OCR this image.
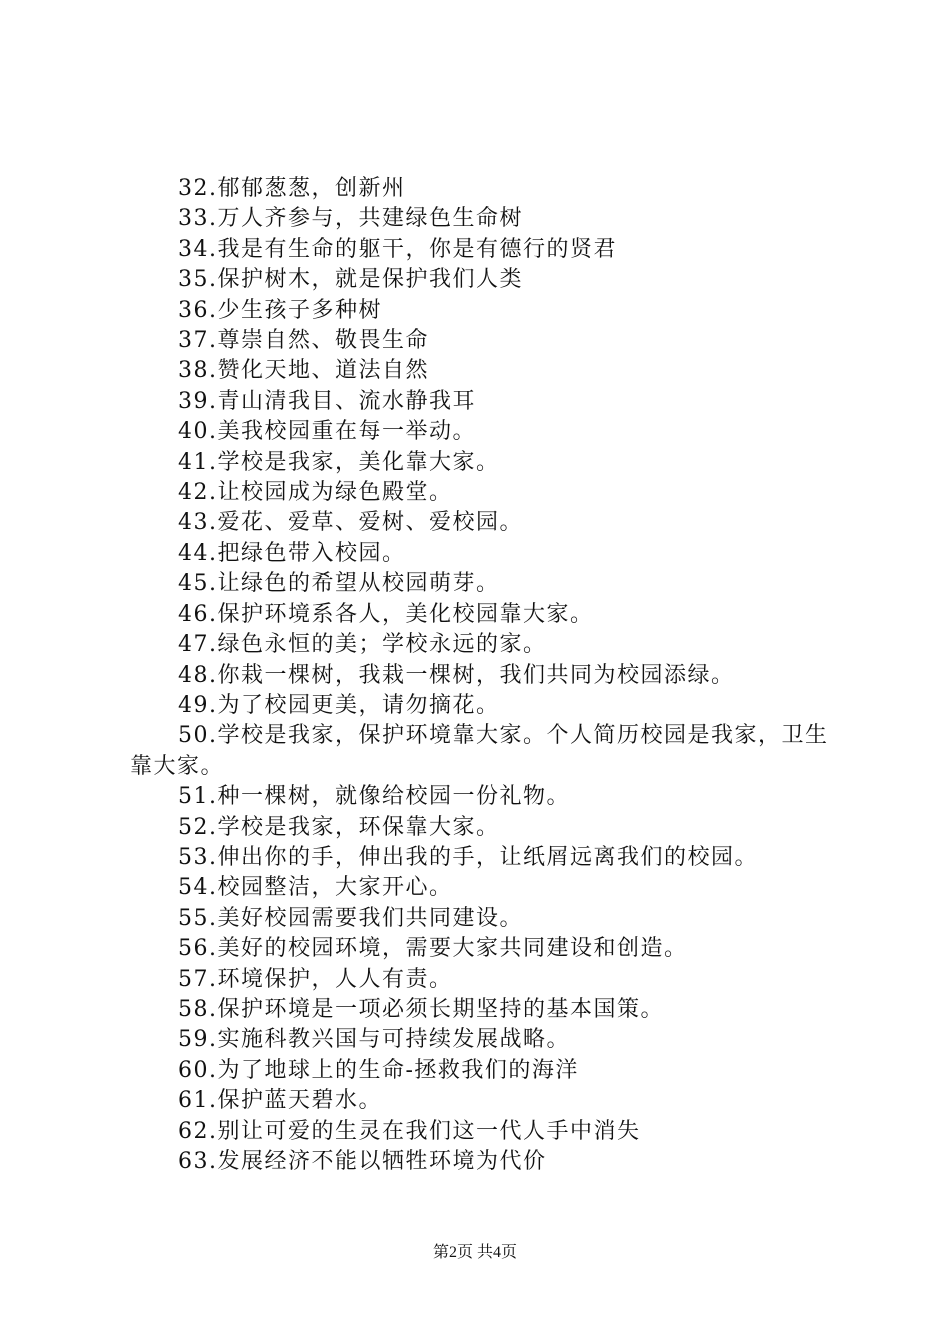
32.郁郁葱葱，创新州
33.万人齐参与，共建绿色生命树
34.我是有生命的躯干，你是有德行的贤君
35.保护树木，就是保护我们人类
36.少生孩子多种树
37.尊崇自然、敬畏生命
38.赞化天地、道法自然
39.青山清我目、流水静我耳
40.美我校园重在每一举动。
41.学校是我家，美化靠大家。
42.让校园成为绿色殿堂。
43.爱花、爱草、爱树、爱校园。
44.把绿色带入校园。
45.让绿色的希望从校园萌芽。
46.保护环境系各人，美化校园靠大家。
47.绿色永恒的美；学校永远的家。
48.你栽一棵树，我栽一棵树，我们共同为校园添绿。
49.为了校园更美，请勿摘花。
50.学校是我家，保护环境靠大家。个人简历校园是我家，卫生靠大家。
51.种一棵树，就像给校园一份礼物。
52.学校是我家，环保靠大家。
53.伸出你的手，伸出我的手，让纸屑远离我们的校园。
54.校园整洁，大家开心。
55.美好校园需要我们共同建设。
56.美好的校园环境，需要大家共同建设和创造。
57.环境保护，人人有责。
58.保护环境是一项必须长期坚持的基本国策。
59.实施科教兴国与可持续发展战略。
60.为了地球上的生命-拯救我们的海洋
61.保护蓝天碧水。
62.别让可爱的生灵在我们这一代人手中消失
63.发展经济不能以牺牲环境为代价
第2页 共4页
